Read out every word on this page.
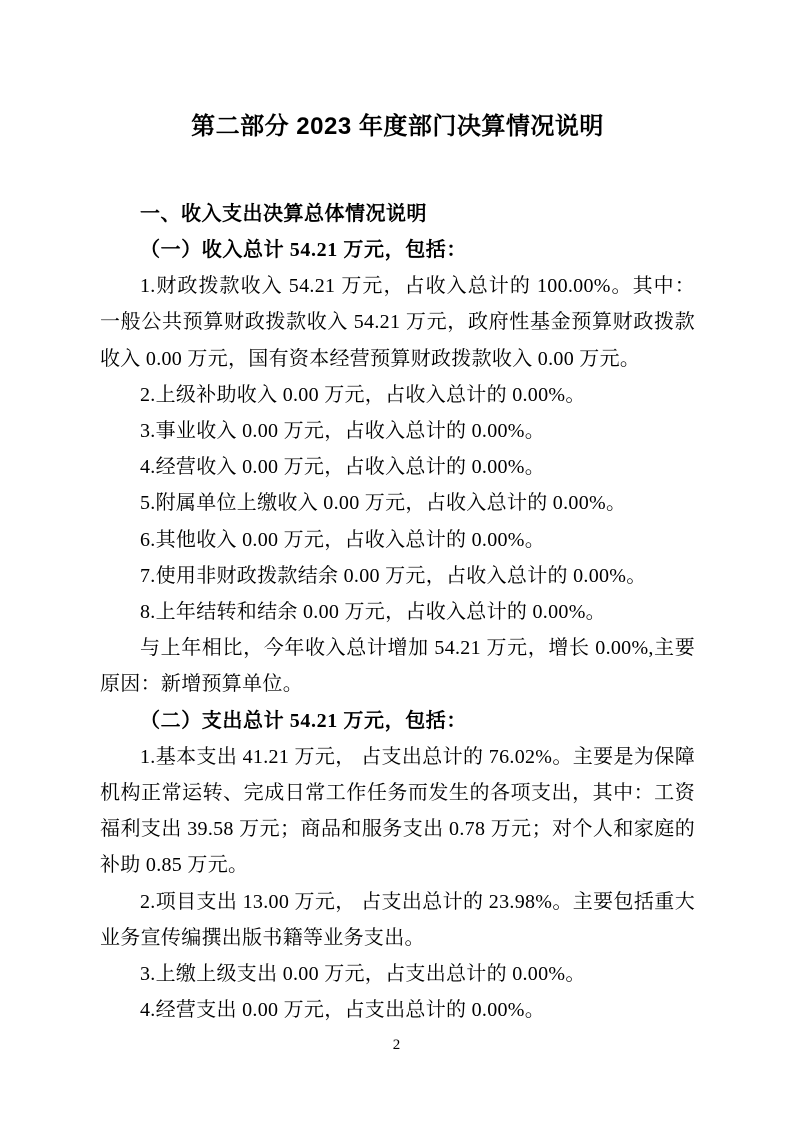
第二部分 2023 年度部门决算情况说明
一、收入支出决算总体情况说明

（一）收入总计 54.21 万元，包括：

1.财政拨款收入 54.21 万元，占收入总计的 100.00%。其中：一般公共预算财政拨款收入 54.21 万元，政府性基金预算财政拨款收入 0.00 万元，国有资本经营预算财政拨款收入 0.00 万元。

2.上级补助收入 0.00 万元，占收入总计的 0.00%。

3.事业收入 0.00 万元，占收入总计的 0.00%。

4.经营收入 0.00 万元，占收入总计的 0.00%。

5.附属单位上缴收入 0.00 万元，占收入总计的 0.00%。

6.其他收入 0.00 万元，占收入总计的 0.00%。

7.使用非财政拨款结余 0.00 万元，占收入总计的 0.00%。

8.上年结转和结余 0.00 万元，占收入总计的 0.00%。

与上年相比，今年收入总计增加 54.21 万元，增长 0.00%,主要原因：新增预算单位。

（二）支出总计 54.21 万元，包括：

1.基本支出 41.21 万元， 占支出总计的 76.02%。主要是为保障机构正常运转、完成日常工作任务而发生的各项支出，其中：工资福利支出 39.58 万元；商品和服务支出 0.78 万元；对个人和家庭的补助 0.85 万元。

2.项目支出 13.00 万元， 占支出总计的 23.98%。主要包括重大业务宣传编撰出版书籍等业务支出。

3.上缴上级支出 0.00 万元，占支出总计的 0.00%。

4.经营支出 0.00 万元，占支出总计的 0.00%。

2
